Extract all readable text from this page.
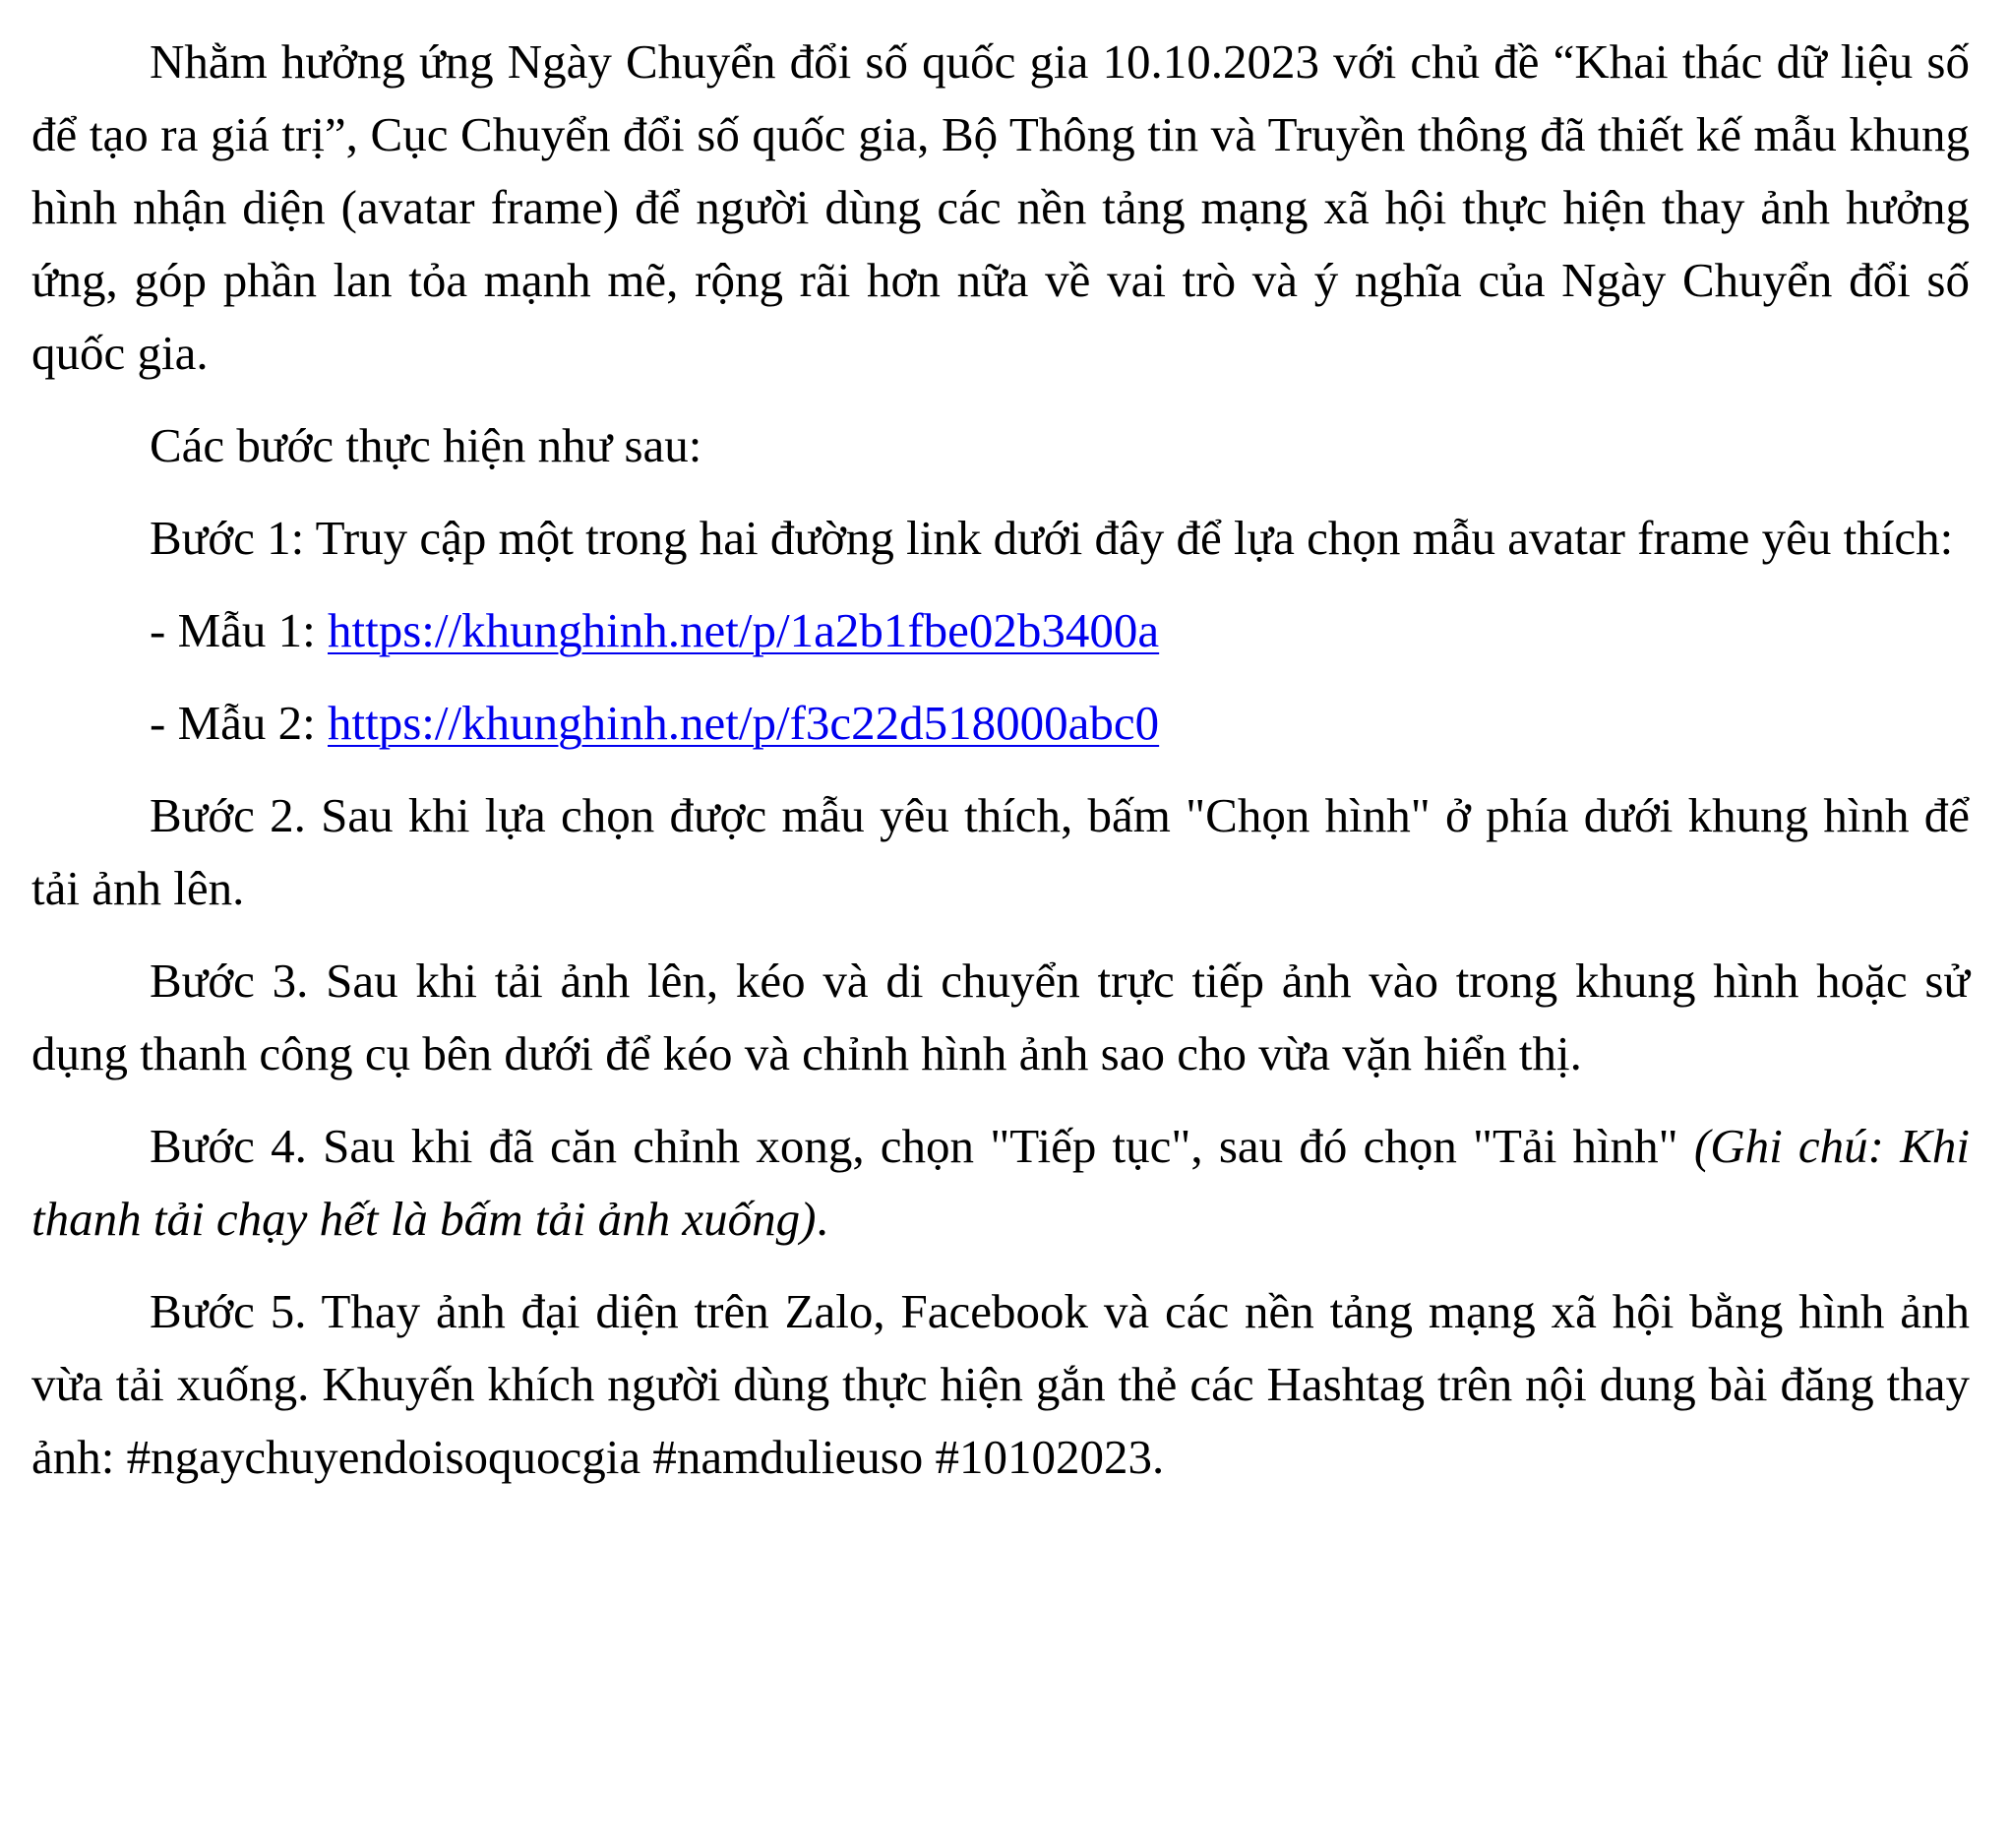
Nhằm hưởng ứng Ngày Chuyển đổi số quốc gia 10.10.2023 với chủ đề “Khai thác dữ liệu số để tạo ra giá trị”, Cục Chuyển đổi số quốc gia, Bộ Thông tin và Truyền thông đã thiết kế mẫu khung hình nhận diện (avatar frame) để người dùng các nền tảng mạng xã hội thực hiện thay ảnh hưởng ứng, góp phần lan tỏa mạnh mẽ, rộng rãi hơn nữa về vai trò và ý nghĩa của Ngày Chuyển đổi số quốc gia.

Các bước thực hiện như sau:

Bước 1: Truy cập một trong hai đường link dưới đây để lựa chọn mẫu avatar frame yêu thích:

- Mẫu 1: https://khunghinh.net/p/1a2b1fbe02b3400a

- Mẫu 2: https://khunghinh.net/p/f3c22d518000abc0

Bước 2. Sau khi lựa chọn được mẫu yêu thích, bấm "Chọn hình" ở phía dưới khung hình để tải ảnh lên.

Bước 3. Sau khi tải ảnh lên, kéo và di chuyển trực tiếp ảnh vào trong khung hình hoặc sử dụng thanh công cụ bên dưới để kéo và chỉnh hình ảnh sao cho vừa vặn hiển thị.

Bước 4. Sau khi đã căn chỉnh xong, chọn "Tiếp tục", sau đó chọn "Tải hình" (Ghi chú: Khi thanh tải chạy hết là bấm tải ảnh xuống).

Bước 5. Thay ảnh đại diện trên Zalo, Facebook và các nền tảng mạng xã hội bằng hình ảnh vừa tải xuống. Khuyến khích người dùng thực hiện gắn thẻ các Hashtag trên nội dung bài đăng thay ảnh: #ngaychuyendoisoquocgia #namdulieuso #10102023.
